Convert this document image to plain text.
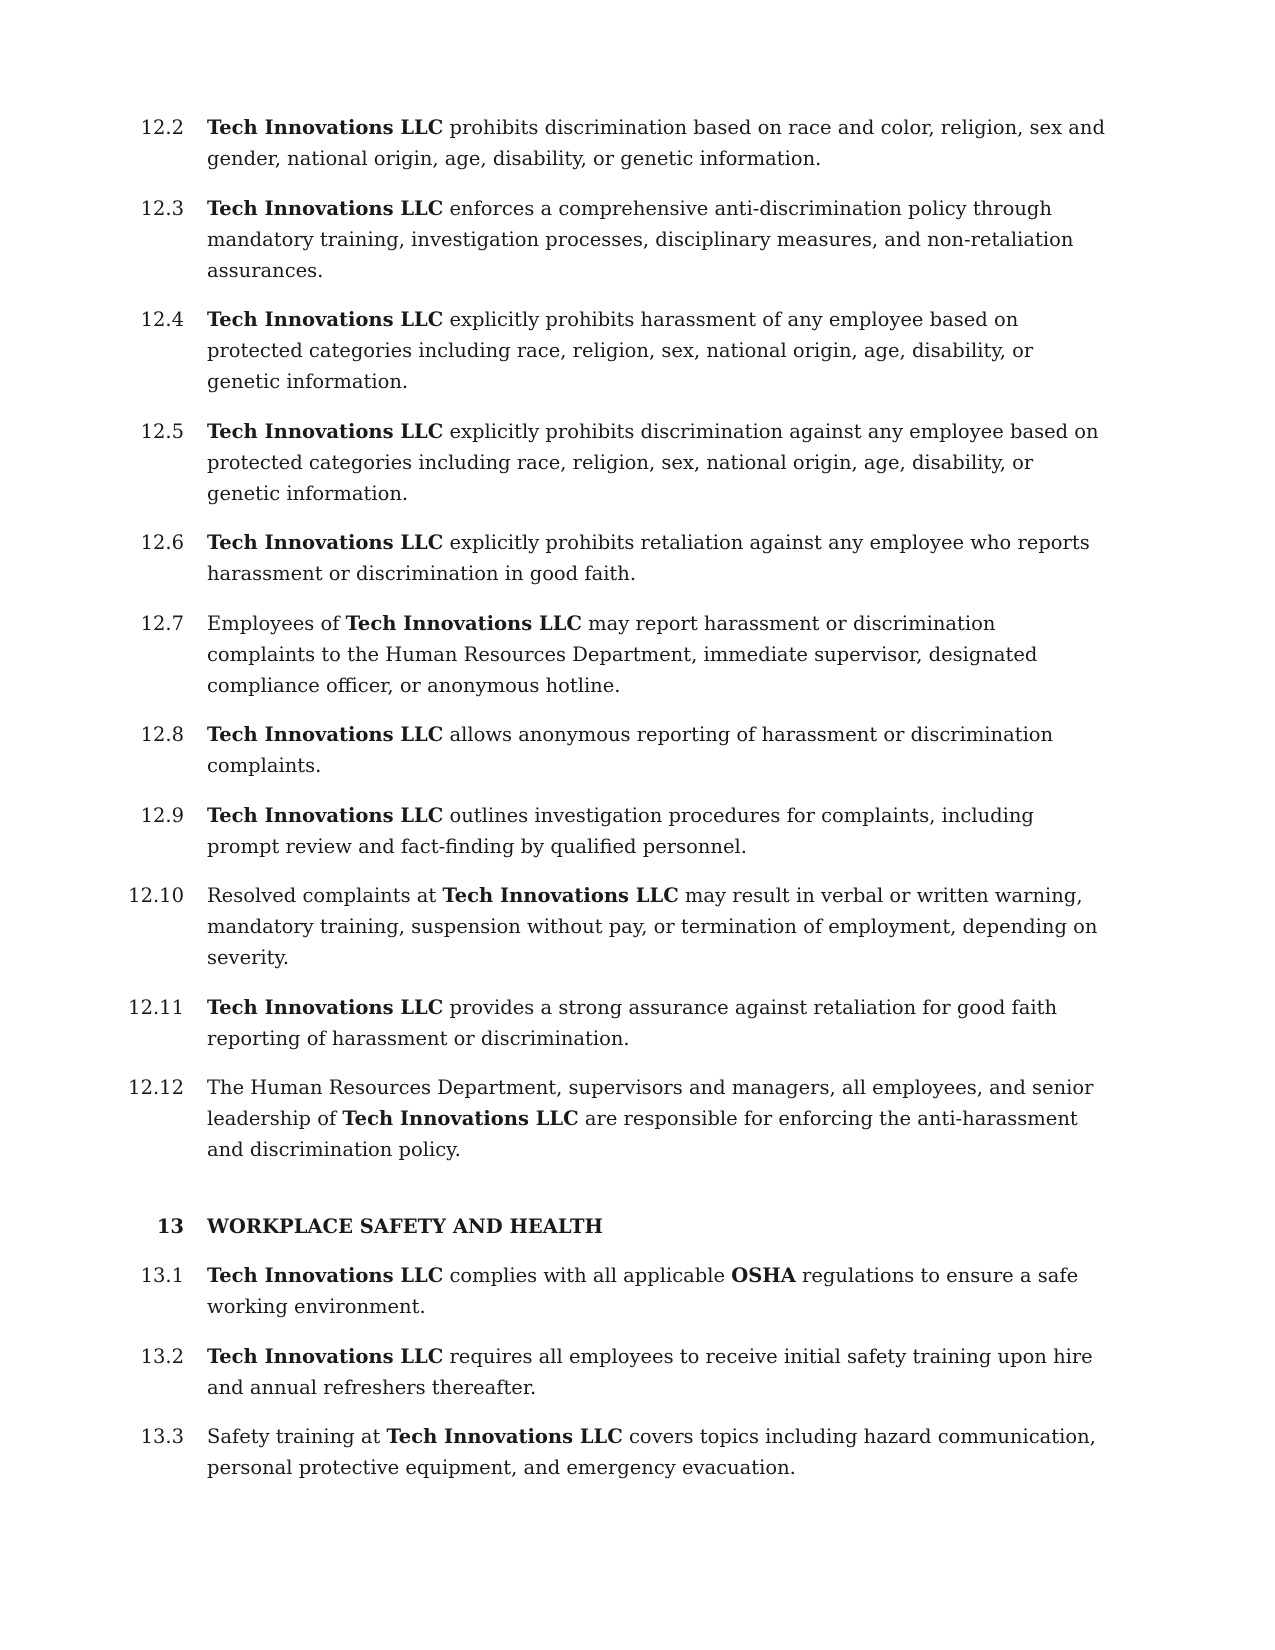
12.2 Tech Innovations LLC prohibits discrimination based on race and color, religion, sex and gender, national origin, age, disability, or genetic information.
12.3 Tech Innovations LLC enforces a comprehensive anti-discrimination policy through mandatory training, investigation processes, disciplinary measures, and non-retaliation assurances.
12.4 Tech Innovations LLC explicitly prohibits harassment of any employee based on protected categories including race, religion, sex, national origin, age, disability, or genetic information.
12.5 Tech Innovations LLC explicitly prohibits discrimination against any employee based on protected categories including race, religion, sex, national origin, age, disability, or genetic information.
12.6 Tech Innovations LLC explicitly prohibits retaliation against any employee who reports harassment or discrimination in good faith.
12.7 Employees of Tech Innovations LLC may report harassment or discrimination complaints to the Human Resources Department, immediate supervisor, designated compliance officer, or anonymous hotline.
12.8 Tech Innovations LLC allows anonymous reporting of harassment or discrimination complaints.
12.9 Tech Innovations LLC outlines investigation procedures for complaints, including prompt review and fact-finding by qualified personnel.
12.10 Resolved complaints at Tech Innovations LLC may result in verbal or written warning, mandatory training, suspension without pay, or termination of employment, depending on severity.
12.11 Tech Innovations LLC provides a strong assurance against retaliation for good faith reporting of harassment or discrimination.
12.12 The Human Resources Department, supervisors and managers, all employees, and senior leadership of Tech Innovations LLC are responsible for enforcing the anti-harassment and discrimination policy.
13 WORKPLACE SAFETY AND HEALTH
13.1 Tech Innovations LLC complies with all applicable OSHA regulations to ensure a safe working environment.
13.2 Tech Innovations LLC requires all employees to receive initial safety training upon hire and annual refreshers thereafter.
13.3 Safety training at Tech Innovations LLC covers topics including hazard communication, personal protective equipment, and emergency evacuation.
